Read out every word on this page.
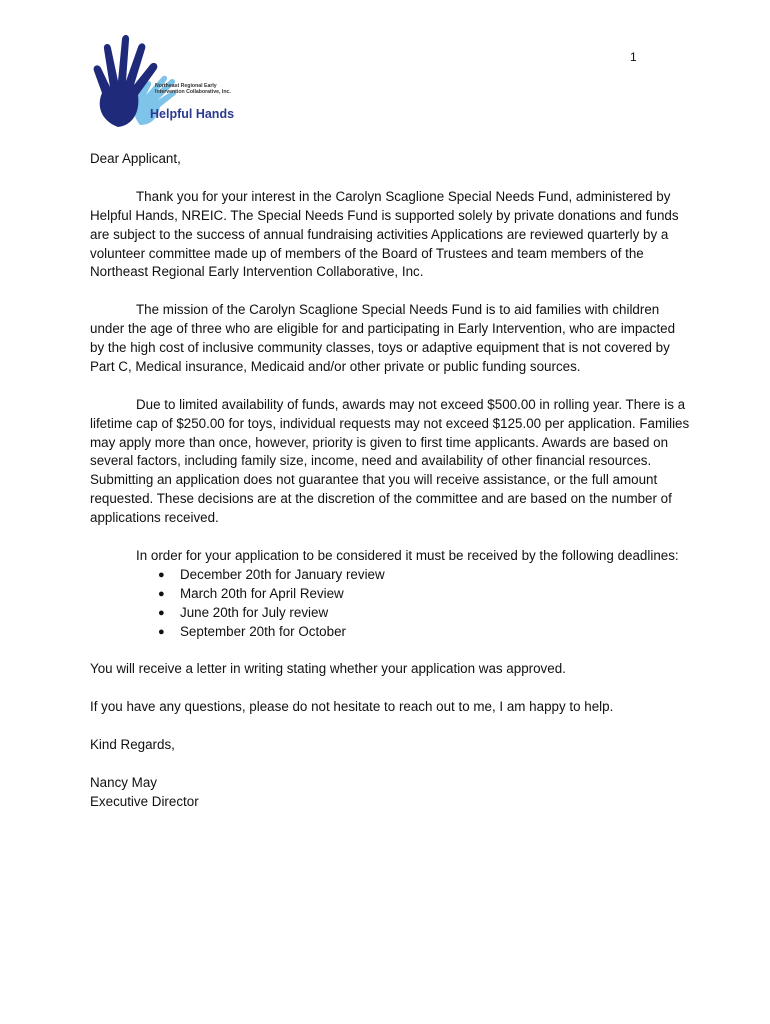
1
Northeast Regional Early
Intervention Collaborative, Inc.
Helpful Hands

Dear Applicant,

Thank you for your interest in the Carolyn Scaglione Special Needs Fund, administered by Helpful Hands, NREIC. The Special Needs Fund is supported solely by private donations and funds are subject to the success of annual fundraising activities Applications are reviewed quarterly by a volunteer committee made up of members of the Board of Trustees and team members of the Northeast Regional Early Intervention Collaborative, Inc.

The mission of the Carolyn Scaglione Special Needs Fund is to aid families with children under the age of three who are eligible for and participating in Early Intervention, who are impacted by the high cost of inclusive community classes, toys or adaptive equipment that is not covered by Part C, Medical insurance, Medicaid and/or other private or public funding sources.

Due to limited availability of funds, awards may not exceed $500.00 in rolling year. There is a lifetime cap of $250.00 for toys, individual requests may not exceed $125.00 per application. Families may apply more than once, however, priority is given to first time applicants. Awards are based on several factors, including family size, income, need and availability of other financial resources. Submitting an application does not guarantee that you will receive assistance, or the full amount requested. These decisions are at the discretion of the committee and are based on the number of applications received.

In order for your application to be considered it must be received by the following deadlines:

● December 20th for January review
● March 20th for April Review
● June 20th for July review
● September 20th for October

You will receive a letter in writing stating whether your application was approved.

If you have any questions, please do not hesitate to reach out to me, I am happy to help.

Kind Regards,

Nancy May

Executive Director
